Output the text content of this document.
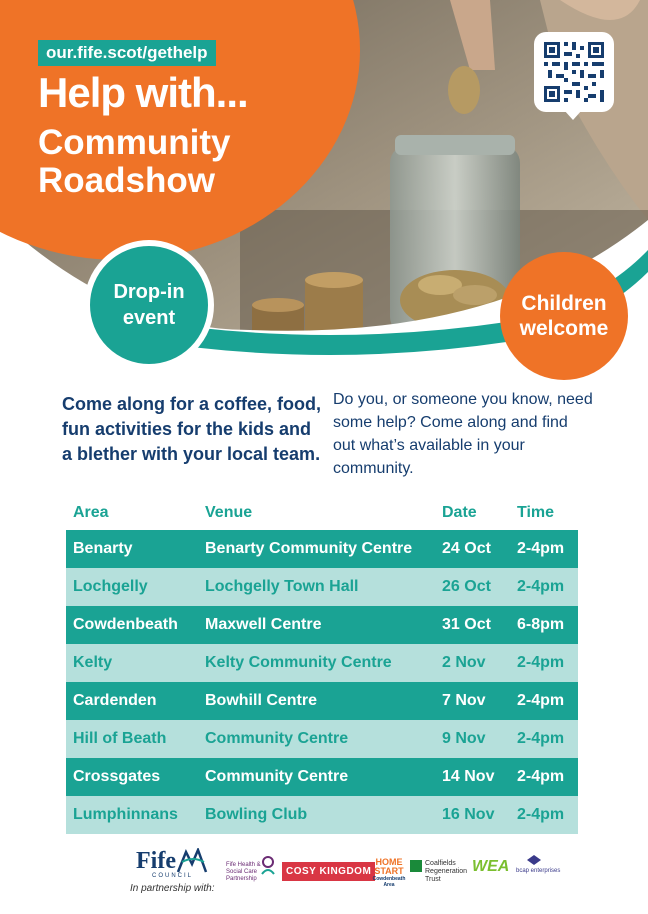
our.fife.scot/gethelp
Help with...
Community
Roadshow
Drop-in
event
Children
welcome
Come along for a coffee, food, fun activities for the kids and a blether with your local team.
Do you, or someone you know, need some help? Come along and find out what’s available in your community.
Area	Venue	Date	Time
Benarty	Benarty Community Centre	24 Oct	2-4pm
Lochgelly	Lochgelly Town Hall	26 Oct	2-4pm
Cowdenbeath	Maxwell Centre	31 Oct	6-8pm
Kelty	Kelty Community Centre	2 Nov	2-4pm
Cardenden	Bowhill Centre	7 Nov	2-4pm
Hill of Beath	Community Centre	9 Nov	2-4pm
Crossgates	Community Centre	14 Nov	2-4pm
Lumphinnans	Bowling Club	16 Nov	2-4pm
Fife
COUNCIL
In partnership with:
Fife Health & Social Care Partnership
COSY KINGDOM
HOME START
Cowdenbeath Area
Coalfields Regeneration Trust
WEA bcap enterprises
